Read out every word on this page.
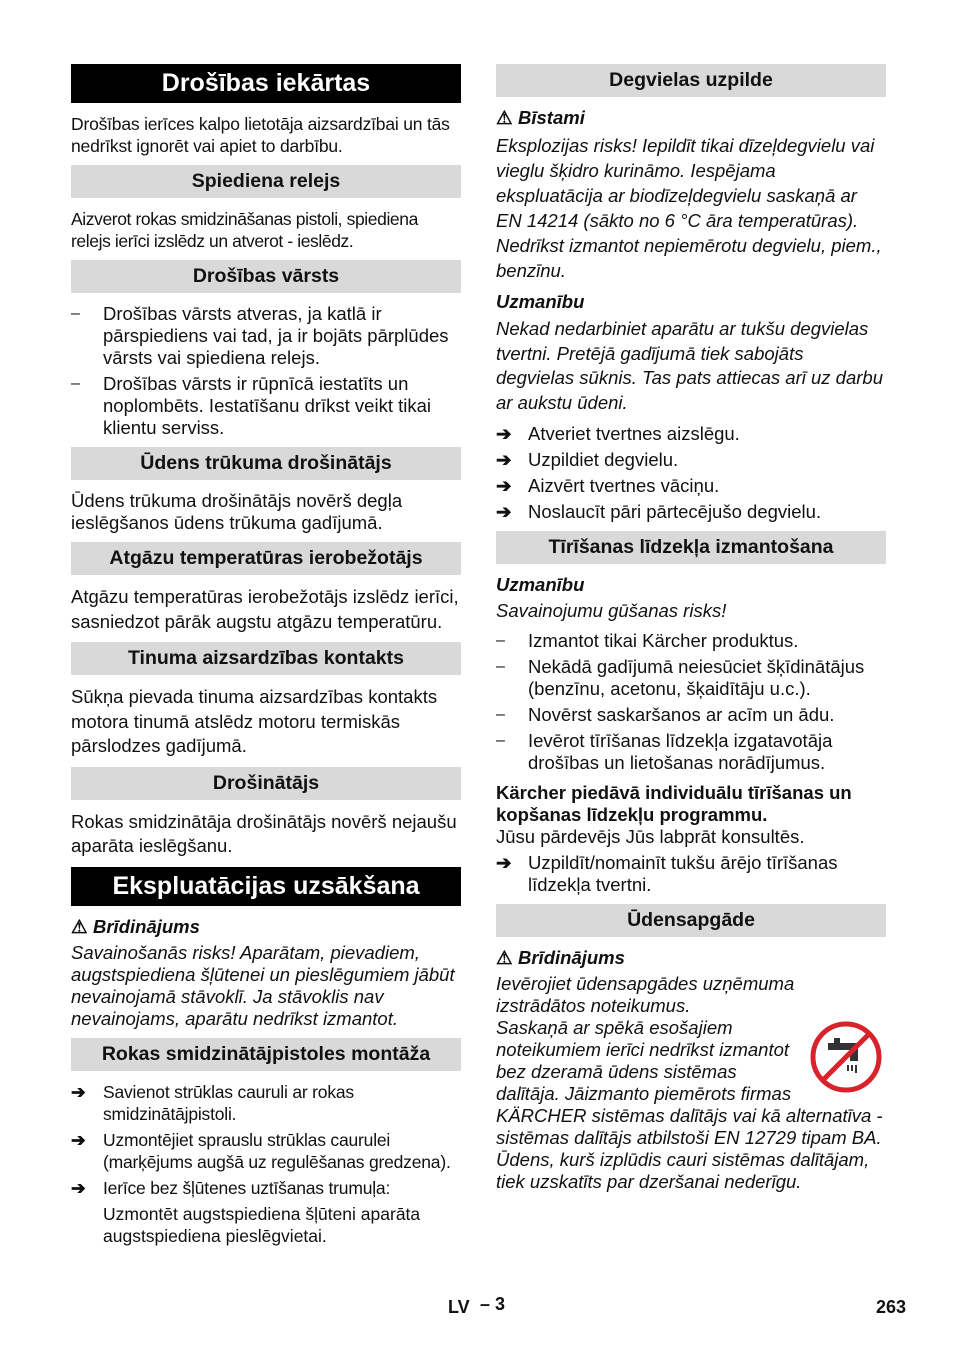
Drošības iekārtas

Drošības ierīces kalpo lietotāja aizsardzībai un tās nedrīkst ignorēt vai apiet to darbību.

Spiediena relejs

Aizverot rokas smidzināšanas pistoli, spiediena relejs ierīci izslēdz un atverot - ieslēdz.

Drošības vārsts
–	Drošības vārsts atveras, ja katlā ir pārspiediens vai tad, ja ir bojāts pārplūdes vārsts vai spiediena relejs.
–	Drošības vārsts ir rūpnīcā iestatīts un noplombēts. Iestatīšanu drīkst veikt tikai klientu serviss.
Ūdens trūkuma drošinātājs

Ūdens trūkuma drošinātājs novērš degļa ieslēgšanos ūdens trūkuma gadījumā.

Atgāzu temperatūras ierobežotājs

Atgāzu temperatūras ierobežotājs izslēdz ierīci, sasniedzot pārāk augstu atgāzu temperatūru.

Tinuma aizsardzības kontakts

Sūkņa pievada tinuma aizsardzības kontakts motora tinumā atslēdz motoru termiskās pārslodzes gadījumā.

Drošinātājs

Rokas smidzinātāja drošinātājs novērš nejaušu aparāta ieslēgšanu.

Ekspluatācijas uzsākšana
⚠ Brīdinājums

Savainošanās risks! Aparātam, pievadiem, augstspiediena šļūtenei un pieslēgumiem jābūt nevainojamā stāvoklī. Ja stāvoklis nav nevainojams, aparātu nedrīkst izmantot.

Rokas smidzinātājpistoles montāža
➔	Savienot strūklas cauruli ar rokas smidzinātājpistoli.
➔	Uzmontējiet sprauslu strūklas caurulei (marķējums augšā uz regulēšanas gredzena).
➔	Ierīce bez šļūtenes uztīšanas trumuļa:

Uzmontēt augstspiediena šļūteni aparāta augstspiediena pieslēgvietai.

Degvielas uzpilde
⚠ Bīstami

Eksplozijas risks! Iepildīt tikai dīzeļdegvielu vai vieglu šķidro kurināmo. Iespējama ekspluatācija ar biodīzeļdegvielu saskaņā ar EN 14214 (sākto no 6 °C āra temperatūras). Nedrīkst izmantot nepiemērotu degvielu, piem., benzīnu.

Uzmanību

Nekad nedarbiniet aparātu ar tukšu degvielas tvertni. Pretējā gadījumā tiek sabojāts degvielas sūknis. Tas pats attiecas arī uz darbu ar aukstu ūdeni.

➔ Atveriet tvertnes aizslēgu.
➔ Uzpildiet degvielu.
➔ Aizvērt tvertnes vāciņu.
➔ Noslaucīt pāri pārtecējušo degvielu.
Tīrīšanas līdzekļa izmantošana
Uzmanību

Savainojumu gūšanas risks!

–	Izmantot tikai Kärcher produktus.
–	Nekādā gadījumā neiesūciet šķīdinātājus (benzīnu, acetonu, šķaidītāju u.c.).
–	Novērst saskaršanos ar acīm un ādu.
–	Ievērot tīrīšanas līdzekļa izgatavotāja drošības un lietošanas norādījumus.

Kärcher piedāvā individuālu tīrīšanas un kopšanas līdzekļu programmu.

Jūsu pārdevējs Jūs labprāt konsultēs.

➔ Uzpildīt/nomainīt tukšu ārējo tīrīšanas līdzekļa tvertni.
Ūdensapgāde
⚠ Brīdinājums

Ievērojiet ūdensapgādes uzņēmuma izstrādātos noteikumus.

Saskaņā ar spēkā esošajiem noteikumiem ierīci nedrīkst izmantot bez dzeramā ūdens sistēmas dalītāja. Jāizmanto piemērots firmas KÄRCHER sistēmas dalītājs vai kā alternatīva - sistēmas dalītājs atbilstoši EN 12729 tipam BA. Ūdens, kurš izplūdis cauri sistēmas dalītājam, tiek uzskatīts par dzeršanai nederīgu.

LV – 3	263
